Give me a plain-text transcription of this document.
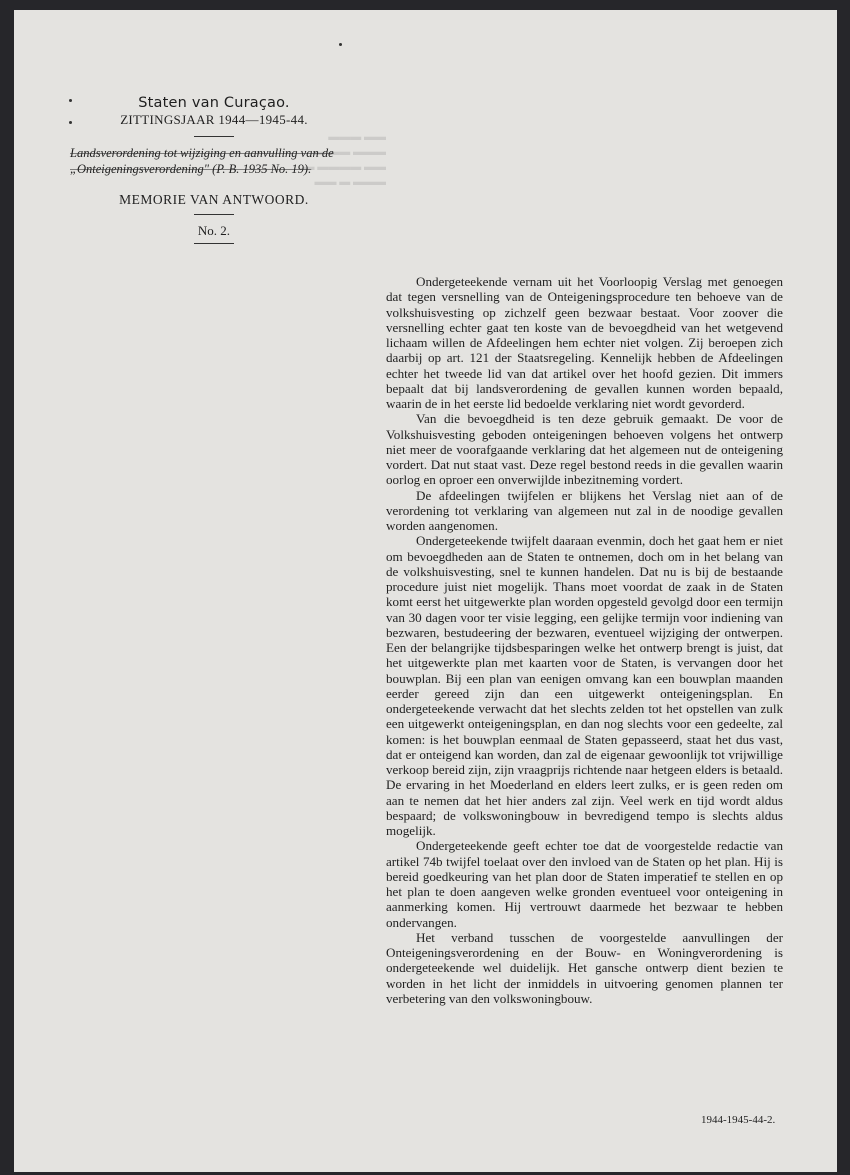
▬▬ ▬▬▬
▬▬▬ ▬▬ ▬
▬▬ ▬▬▬▬ ▬
▬▬▬ ▬ ▬▬
Staten van Curaçao.
ZITTINGSJAAR 1944—1945-44.
Landsverordening tot wijziging en aanvulling van de „Onteigeningsverordening" (P. B. 1935 No. 19).
MEMORIE VAN ANTWOORD.
No. 2.

Ondergeteekende vernam uit het Voorloopig Verslag met genoegen dat tegen versnelling van de Onteigeningsprocedure ten behoeve van de volkshuisvesting op zichzelf geen bezwaar bestaat. Voor zoover die versnelling echter gaat ten koste van de bevoegdheid van het wetgevend lichaam willen de Afdeelingen hem echter niet volgen. Zij beroepen zich daarbij op art. 121 der Staatsregeling. Kennelijk hebben de Afdeelingen echter het tweede lid van dat artikel over het hoofd gezien. Dit immers bepaalt dat bij landsverordening de gevallen kunnen worden bepaald, waarin de in het eerste lid bedoelde verklaring niet wordt gevorderd.

Van die bevoegdheid is ten deze gebruik gemaakt. De voor de Volkshuisvesting geboden onteigeningen behoeven volgens het ontwerp niet meer de voorafgaande verklaring dat het algemeen nut de onteigening vordert. Dat nut staat vast. Deze regel bestond reeds in die gevallen waarin oorlog en oproer een onverwijlde inbezitneming vordert.

De afdeelingen twijfelen er blijkens het Verslag niet aan of de verordening tot verklaring van algemeen nut zal in de noodige gevallen worden aangenomen.

Ondergeteekende twijfelt daaraan evenmin, doch het gaat hem er niet om bevoegdheden aan de Staten te ontnemen, doch om in het belang van de volkshuisvesting, snel te kunnen handelen. Dat nu is bij de bestaande procedure juist niet mogelijk. Thans moet voordat de zaak in de Staten komt eerst het uitgewerkte plan worden opgesteld gevolgd door een termijn van 30 dagen voor ter visie legging, een gelijke termijn voor indiening van bezwaren, bestudeering der bezwaren, eventueel wijziging der ontwerpen. Een der belangrijke tijdsbesparingen welke het ontwerp brengt is juist, dat het uitgewerkte plan met kaarten voor de Staten, is vervangen door het bouwplan. Bij een plan van eenigen omvang kan een bouwplan maanden eerder gereed zijn dan een uitgewerkt onteigeningsplan. En ondergeteekende verwacht dat het slechts zelden tot het opstellen van zulk een uitgewerkt onteigeningsplan, en dan nog slechts voor een gedeelte, zal komen: is het bouwplan eenmaal de Staten gepasseerd, staat het dus vast, dat er onteigend kan worden, dan zal de eigenaar gewoonlijk tot vrijwillige verkoop bereid zijn, zijn vraagprijs richtende naar hetgeen elders is betaald. De ervaring in het Moederland en elders leert zulks, er is geen reden om aan te nemen dat het hier anders zal zijn. Veel werk en tijd wordt aldus bespaard; de volkswoningbouw in bevredigend tempo is slechts aldus mogelijk.

Ondergeteekende geeft echter toe dat de voorgestelde redactie van artikel 74b twijfel toelaat over den invloed van de Staten op het plan. Hij is bereid goedkeuring van het plan door de Staten imperatief te stellen en op het plan te doen aangeven welke gronden eventueel voor onteigening in aanmerking komen. Hij vertrouwt daarmede het bezwaar te hebben ondervangen.

Het verband tusschen de voorgestelde aanvullingen der Onteigeningsverordening en der Bouw- en Woningverordening is ondergeteekende wel duidelijk. Het gansche ontwerp dient bezien te worden in het licht der inmiddels in uitvoering genomen plannen ter verbetering van den volkswoningbouw.

1944-1945-44-2.
